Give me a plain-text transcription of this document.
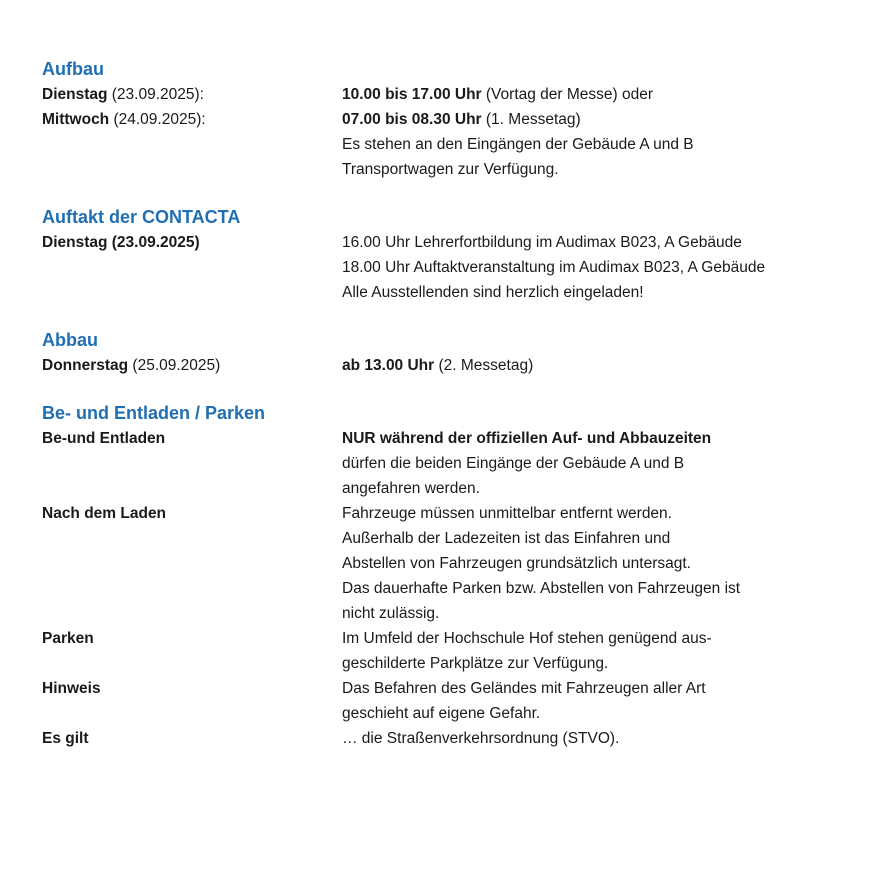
Aufbau
Dienstag (23.09.2025):	10.00 bis 17.00 Uhr (Vortag der Messe) oder
Mittwoch (24.09.2025):	07.00 bis 08.30 Uhr (1. Messetag)
Es stehen an den Eingängen der Gebäude A und B
Transportwagen zur Verfügung.
Auftakt der CONTACTA
Dienstag (23.09.2025)	16.00 Uhr Lehrerfortbildung im Audimax B023, A Gebäude
18.00 Uhr Auftaktveranstaltung im Audimax B023, A Gebäude
Alle Ausstellenden sind herzlich eingeladen!
Abbau
Donnerstag (25.09.2025)	ab 13.00 Uhr (2. Messetag)
Be- und Entladen / Parken
Be-und Entladen	NUR während der offiziellen Auf- und Abbauzeiten
dürfen die beiden Eingänge der Gebäude A und B
angefahren werden.
Nach dem Laden	Fahrzeuge müssen unmittelbar entfernt werden.
Außerhalb der Ladezeiten ist das Einfahren und
Abstellen von Fahrzeugen grundsätzlich untersagt.
Das dauerhafte Parken bzw. Abstellen von Fahrzeugen ist
nicht zulässig.
Parken	Im Umfeld der Hochschule Hof stehen genügend aus-
geschilderte Parkplätze zur Verfügung.
Hinweis	Das Befahren des Geländes mit Fahrzeugen aller Art
geschieht auf eigene Gefahr.
Es gilt	… die Straßenverkehrsordnung (STVO).
